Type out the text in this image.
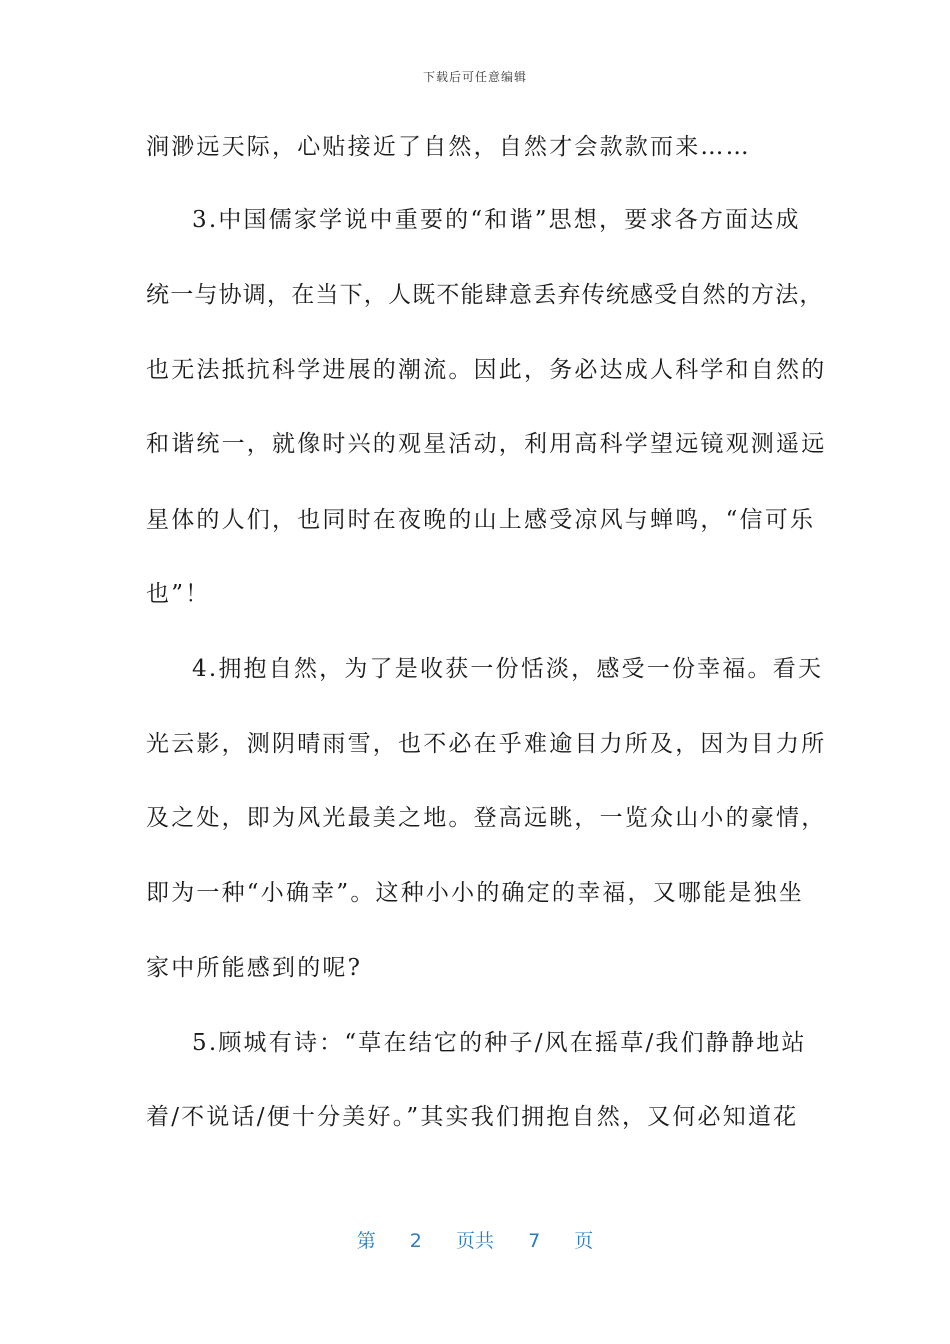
下载后可任意编辑
涧渺远天际，心贴接近了自然，自然才会款款而来……
3.中国儒家学说中重要的“和谐”思想，要求各方面达成
统一与协调，在当下，人既不能肆意丢弃传统感受自然的方法，
也无法抵抗科学进展的潮流。因此，务必达成人科学和自然的
和谐统一，就像时兴的观星活动，利用高科学望远镜观测遥远
星体的人们，也同时在夜晚的山上感受凉风与蝉鸣，“信可乐
也”！
4.拥抱自然，为了是收获一份恬淡，感受一份幸福。看天
光云影，测阴晴雨雪，也不必在乎难逾目力所及，因为目力所
及之处，即为风光最美之地。登高远眺，一览众山小的豪情，
即为一种“小确幸”。这种小小的确定的幸福，又哪能是独坐
家中所能感到的呢?
5.顾城有诗：“草在结它的种子/风在摇草/我们静静地站
着/不说话/便十分美好。”其实我们拥抱自然，又何必知道花
第 2 页共 7 页
